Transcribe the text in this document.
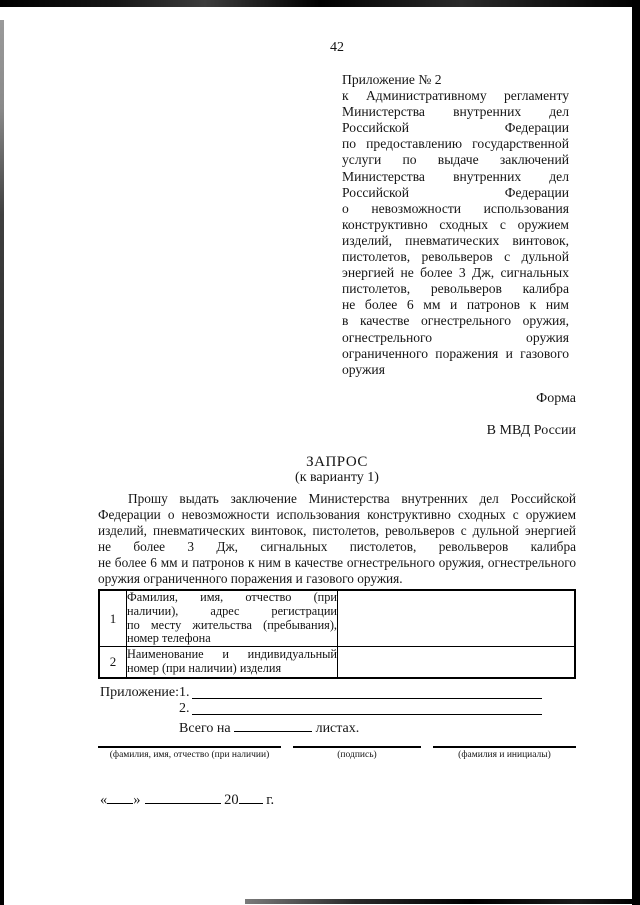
42
Приложение № 2
к Административному регламенту
Министерства внутренних дел
Российской Федерации
по предоставлению государственной
услуги по выдаче заключений
Министерства внутренних дел
Российской Федерации
о невозможности использования
конструктивно сходных с оружием
изделий, пневматических винтовок,
пистолетов, револьверов с дульной
энергией не более 3 Дж, сигнальных
пистолетов, револьверов калибра
не более 6 мм и патронов к ним
в качестве огнестрельного оружия,
огнестрельного оружия
ограниченного поражения и газового
оружия
Форма
В МВД России
ЗАПРОС
(к варианту 1)
Прошу выдать заключение Министерства внутренних дел Российской
Федерации о невозможности использования конструктивно сходных с оружием
изделий, пневматических винтовок, пистолетов, револьверов с дульной энергией
не более 3 Дж, сигнальных пистолетов, револьверов калибра
не более 6 мм и патронов к ним в качестве огнестрельного оружия, огнестрельного
оружия ограниченного поражения и газового оружия.
1	Фамилия, имя, отчество (при
наличии), адрес регистрации
по месту жительства (пребывания),
номер телефона	

2	Наименование и индивидуальный
номер (при наличии) изделия	

Приложение: 1.
2.
Всего на	листах.
(фамилия, имя, отчество (при наличии)	(подпись)	(фамилия и инициалы)
« »	20 г.
